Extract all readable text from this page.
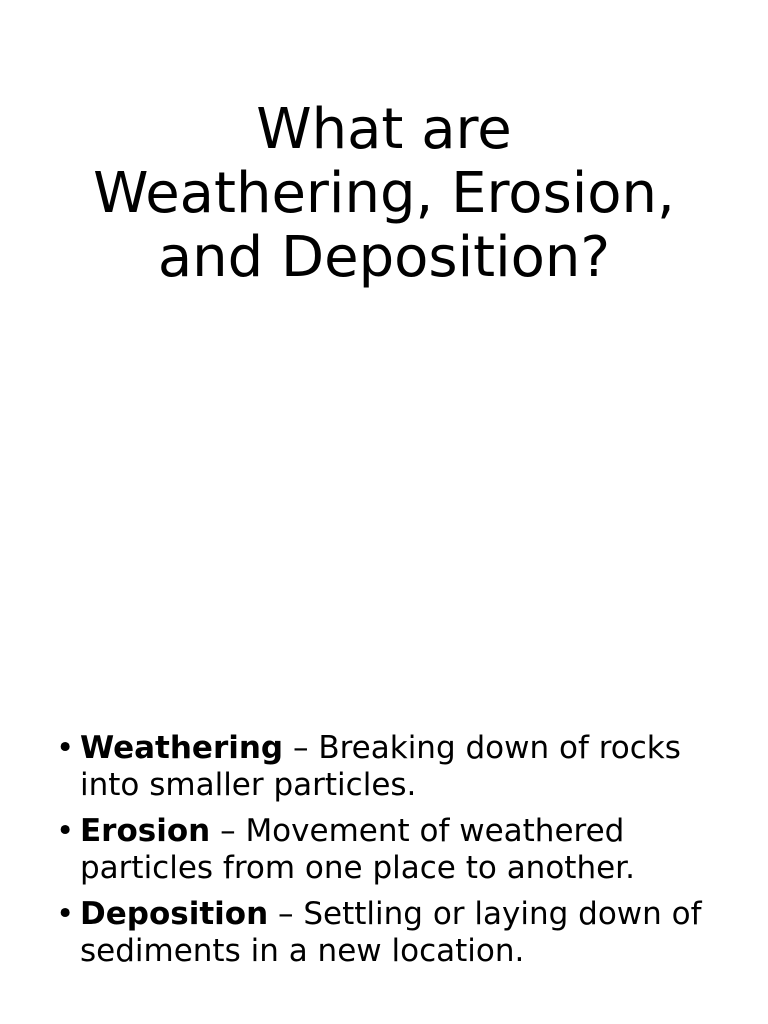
What are
Weathering, Erosion,
and Deposition?
• Weathering – Breaking down of rocks into smaller particles.
• Erosion – Movement of weathered particles from one place to another.
• Deposition – Settling or laying down of sediments in a new location.
